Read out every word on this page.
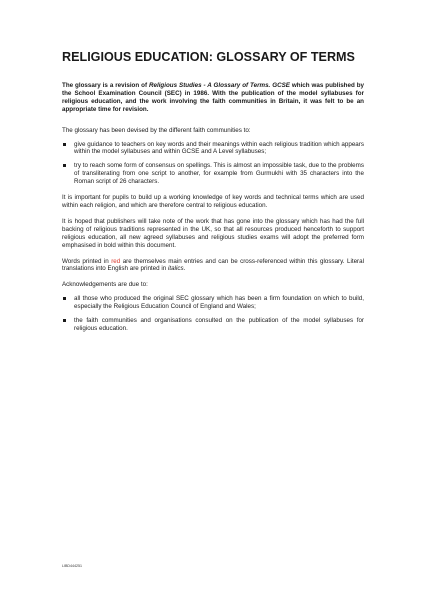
RELIGIOUS EDUCATION: GLOSSARY OF TERMS

The glossary is a revision of Religious Studies - A Glossary of Terms. GCSE which was published by the School Examination Council (SEC) in 1986. With the publication of the model syllabuses for religious education, and the work involving the faith communities in Britain, it was felt to be an appropriate time for revision.

The glossary has been devised by the different faith communities to:

give guidance to teachers on key words and their meanings within each religious tradition which appears within the model syllabuses and within GCSE and A Level syllabuses;
try to reach some form of consensus on spellings. This is almost an impossible task, due to the problems of transliterating from one script to another, for example from Gurmukhi with 35 characters into the Roman script of 26 characters.

It is important for pupils to build up a working knowledge of key words and technical terms which are used within each religion, and which are therefore central to religious education.

It is hoped that publishers will take note of the work that has gone into the glossary which has had the full backing of religious traditions represented in the UK, so that all resources produced henceforth to support religious education, all new agreed syllabuses and religious studies exams will adopt the preferred form emphasised in bold within this document.

Words printed in red are themselves main entries and can be cross-referenced within this glossary. Literal translations into English are printed in italics.

Acknowledgements are due to:

all those who produced the original SEC glossary which has been a firm foundation on which to build, especially the Religious Education Council of England and Wales;
the faith communities and organisations consulted on the publication of the model syllabuses for religious education.
LIBD444251
